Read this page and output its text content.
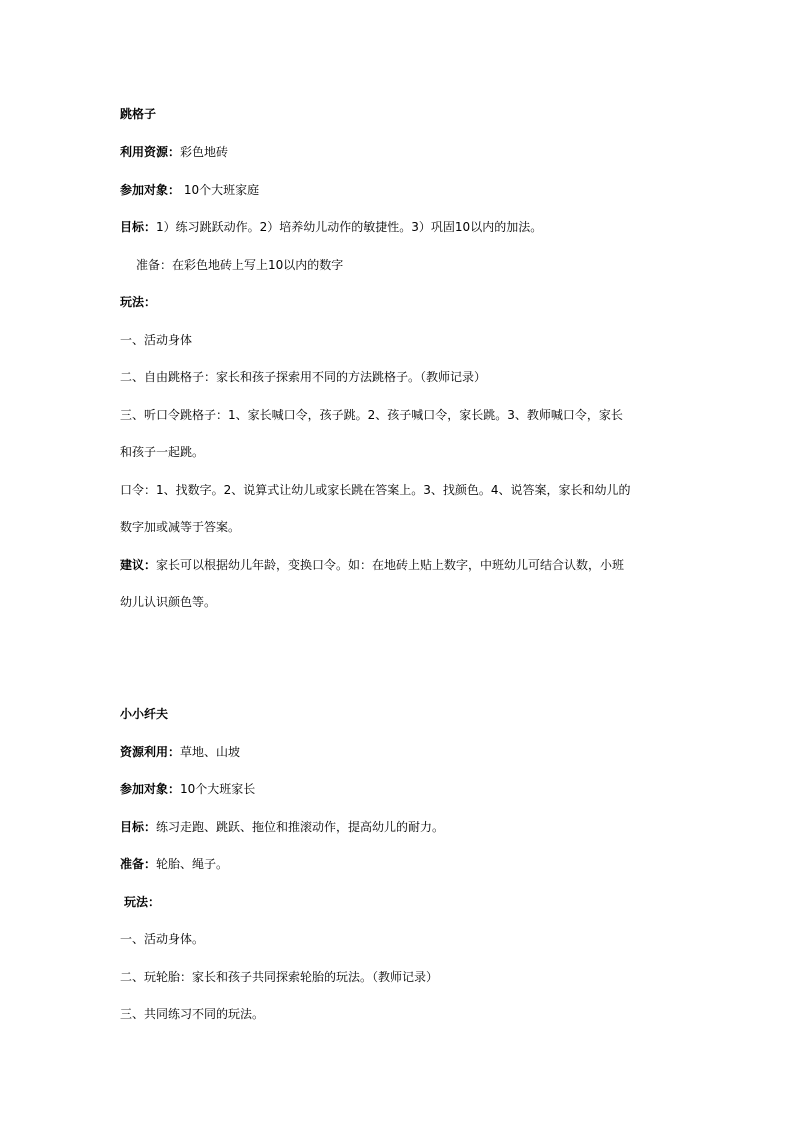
跳格子
利用资源：彩色地砖
参加对象： 10个大班家庭
目标：1）练习跳跃动作。2）培养幼儿动作的敏捷性。3）巩固10以内的加法。
准备：在彩色地砖上写上10以内的数字
玩法：
一、活动身体
二、自由跳格子：家长和孩子探索用不同的方法跳格子。（教师记录）
三、听口令跳格子：1、家长喊口令，孩子跳。2、孩子喊口令，家长跳。3、教师喊口令，家长
和孩子一起跳。
口令：1、找数字。2、说算式让幼儿或家长跳在答案上。3、找颜色。4、说答案，家长和幼儿的
数字加或减等于答案。
建议：家长可以根据幼儿年龄，变换口令。如：在地砖上贴上数字，中班幼儿可结合认数，小班
幼儿认识颜色等。
小小纤夫
资源利用：草地、山坡
参加对象：10个大班家长
目标：练习走跑、跳跃、拖位和推滚动作，提高幼儿的耐力。
准备：轮胎、绳子。
玩法：
一、活动身体。
二、玩轮胎：家长和孩子共同探索轮胎的玩法。（教师记录）
三、共同练习不同的玩法。
